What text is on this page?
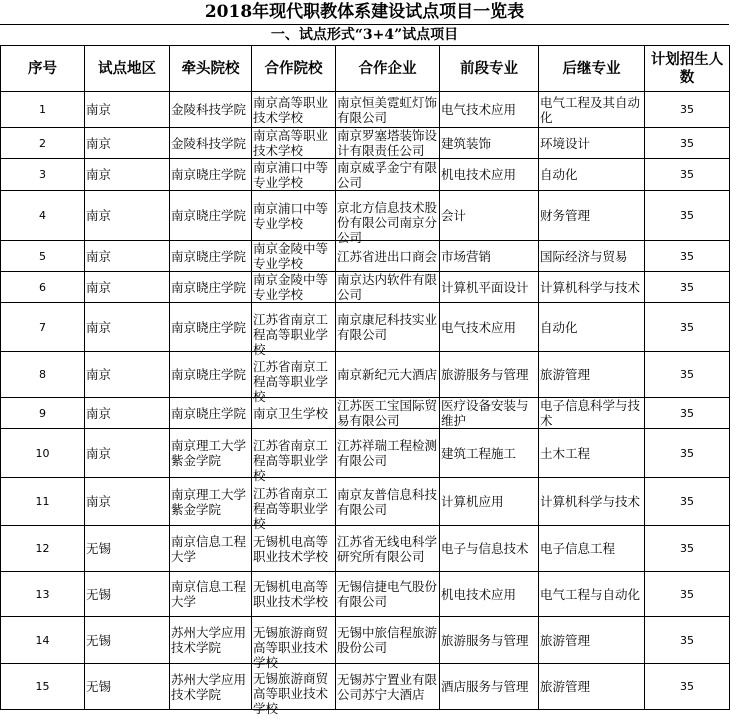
2018年现代职教体系建设试点项目一览表
一、试点形式“3+4”试点项目
序号	试点地区	牵头院校	合作院校	合作企业	前段专业	后继专业	计划招生人数

1	南京	金陵科技学院	南京高等职业技术学校	南京恒美霓虹灯饰有限公司	电气技术应用	电气工程及其自动化	35

2	南京	金陵科技学院	南京高等职业技术学校	南京罗塞塔装饰设计有限责任公司	建筑装饰	环境设计	35

3	南京	南京晓庄学院	南京浦口中等专业学校	南京威孚金宁有限公司	机电技术应用	自动化	35

4	南京	南京晓庄学院	南京浦口中等专业学校	京北方信息技术股份有限公司南京分公司	会计	财务管理	35

5	南京	南京晓庄学院	南京金陵中等专业学校	江苏省进出口商会	市场营销	国际经济与贸易	35

6	南京	南京晓庄学院	南京金陵中等专业学校	南京达内软件有限公司	计算机平面设计	计算机科学与技术	35

7	南京	南京晓庄学院	江苏省南京工程高等职业学校	南京康尼科技实业有限公司	电气技术应用	自动化	35

8	南京	南京晓庄学院	江苏省南京工程高等职业学校	南京新纪元大酒店	旅游服务与管理	旅游管理	35

9	南京	南京晓庄学院	南京卫生学校	江苏医工宝国际贸易有限公司	医疗设备安装与维护	电子信息科学与技术	35

10	南京	南京理工大学紫金学院	江苏省南京工程高等职业学校	江苏祥瑞工程检测有限公司	建筑工程施工	土木工程	35

11	南京	南京理工大学紫金学院	江苏省南京工程高等职业学校	南京友普信息科技有限公司	计算机应用	计算机科学与技术	35

12	无锡	南京信息工程大学	无锡机电高等职业技术学校	江苏省无线电科学研究所有限公司	电子与信息技术	电子信息工程	35

13	无锡	南京信息工程大学	无锡机电高等职业技术学校	无锡信捷电气股份有限公司	机电技术应用	电气工程与自动化	35

14	无锡	苏州大学应用技术学院	无锡旅游商贸高等职业技术学校	无锡中旅信程旅游股份公司	旅游服务与管理	旅游管理	35

15	无锡	苏州大学应用技术学院	无锡旅游商贸高等职业技术学校	无锡苏宁置业有限公司苏宁大酒店	酒店服务与管理	旅游管理	35
